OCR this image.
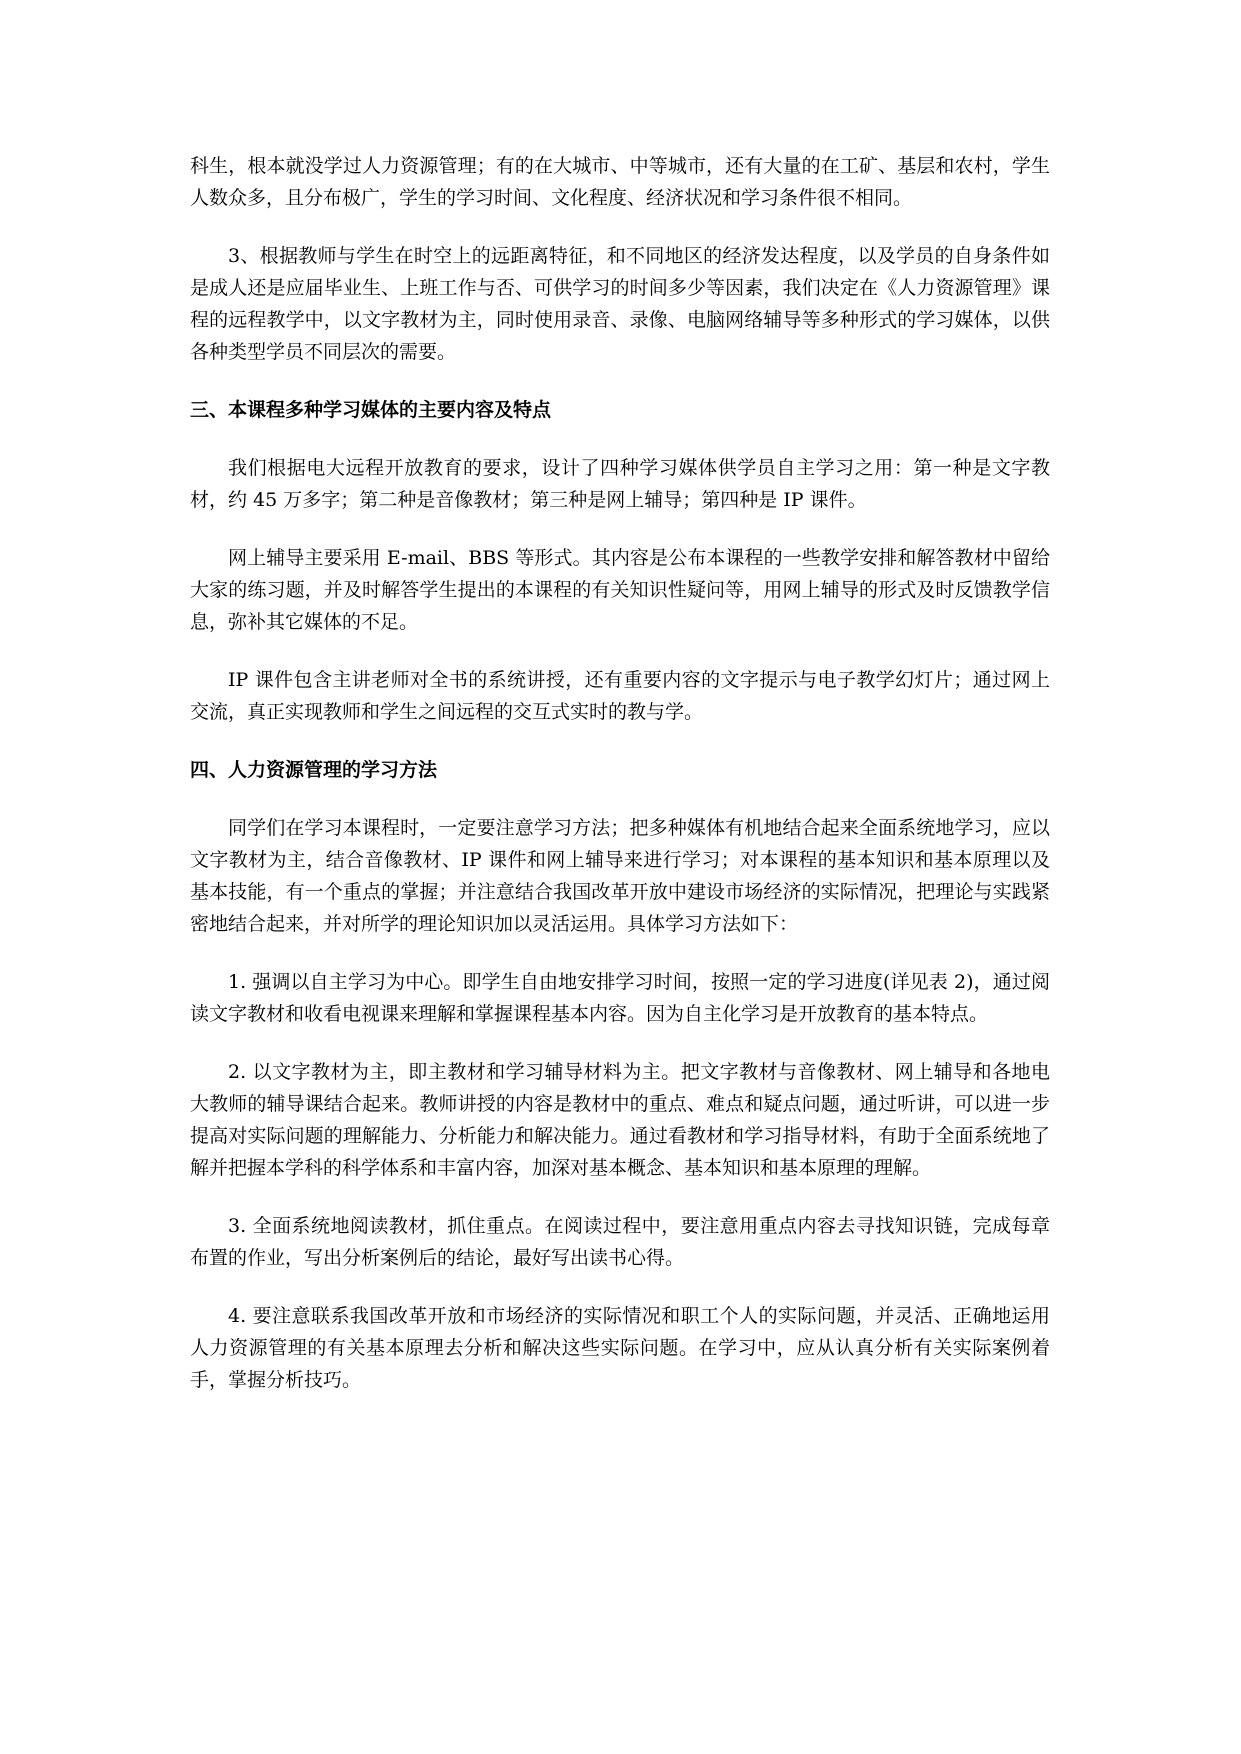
科生，根本就没学过人力资源管理；有的在大城市、中等城市，还有大量的在工矿、基层和农村，学生人数众多，且分布极广，学生的学习时间、文化程度、经济状况和学习条件很不相同。

3、根据教师与学生在时空上的远距离特征，和不同地区的经济发达程度，以及学员的自身条件如是成人还是应届毕业生、上班工作与否、可供学习的时间多少等因素，我们决定在《人力资源管理》课程的远程教学中，以文字教材为主，同时使用录音、录像、电脑网络辅导等多种形式的学习媒体，以供各种类型学员不同层次的需要。

三、本课程多种学习媒体的主要内容及特点

我们根据电大远程开放教育的要求，设计了四种学习媒体供学员自主学习之用：第一种是文字教材，约 45 万多字；第二种是音像教材；第三种是网上辅导；第四种是 IP 课件。

网上辅导主要采用 E-mail、BBS 等形式。其内容是公布本课程的一些教学安排和解答教材中留给大家的练习题，并及时解答学生提出的本课程的有关知识性疑问等，用网上辅导的形式及时反馈教学信息，弥补其它媒体的不足。

IP 课件包含主讲老师对全书的系统讲授，还有重要内容的文字提示与电子教学幻灯片；通过网上交流，真正实现教师和学生之间远程的交互式实时的教与学。

四、人力资源管理的学习方法

同学们在学习本课程时，一定要注意学习方法；把多种媒体有机地结合起来全面系统地学习，应以文字教材为主，结合音像教材、IP 课件和网上辅导来进行学习；对本课程的基本知识和基本原理以及基本技能，有一个重点的掌握；并注意结合我国改革开放中建设市场经济的实际情况，把理论与实践紧密地结合起来，并对所学的理论知识加以灵活运用。具体学习方法如下：

1. 强调以自主学习为中心。即学生自由地安排学习时间，按照一定的学习进度(详见表 2)，通过阅读文字教材和收看电视课来理解和掌握课程基本内容。因为自主化学习是开放教育的基本特点。

2. 以文字教材为主，即主教材和学习辅导材料为主。把文字教材与音像教材、网上辅导和各地电大教师的辅导课结合起来。教师讲授的内容是教材中的重点、难点和疑点问题，通过听讲，可以进一步提高对实际问题的理解能力、分析能力和解决能力。通过看教材和学习指导材料，有助于全面系统地了解并把握本学科的科学体系和丰富内容，加深对基本概念、基本知识和基本原理的理解。

3. 全面系统地阅读教材，抓住重点。在阅读过程中，要注意用重点内容去寻找知识链，完成每章布置的作业，写出分析案例后的结论，最好写出读书心得。

4. 要注意联系我国改革开放和市场经济的实际情况和职工个人的实际问题，并灵活、正确地运用人力资源管理的有关基本原理去分析和解决这些实际问题。在学习中，应从认真分析有关实际案例着手，掌握分析技巧。
